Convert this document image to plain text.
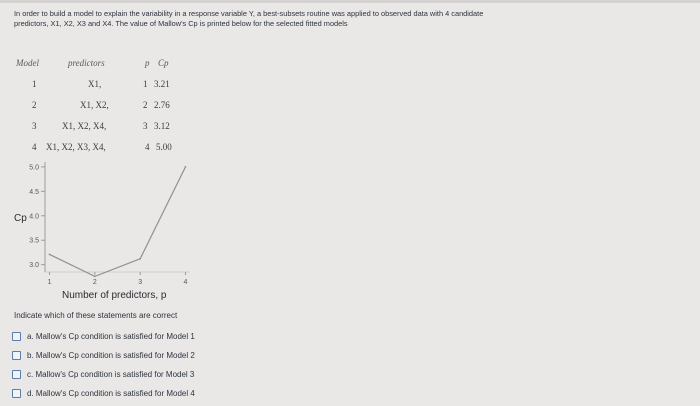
In order to build a model to explain the variability in a response variable Y, a best-subsets routine was applied to observed data with 4 candidate
predictors, X1, X2, X3 and X4. The value of Mallow's Cp is printed below for the selected fitted models
Model	predictors	p Cp
1	X1,	1 3.21
2	X1, X2,	2 2.76
3	X1, X2, X4,	3 3.12
4 X1, X2, X3, X4,	4 5.00
5.0
4.5
4.0
3.5
3.0
1	2	3	4
Cp
Number of predictors, p
Indicate which of these statements are correct
a. Mallow's Cp condition is satisfied for Model 1
b. Mallow's Cp condition is satisfied for Model 2
c. Mallow's Cp condition is satisfied for Model 3
d. Mallow's Cp condition is satisfied for Model 4
